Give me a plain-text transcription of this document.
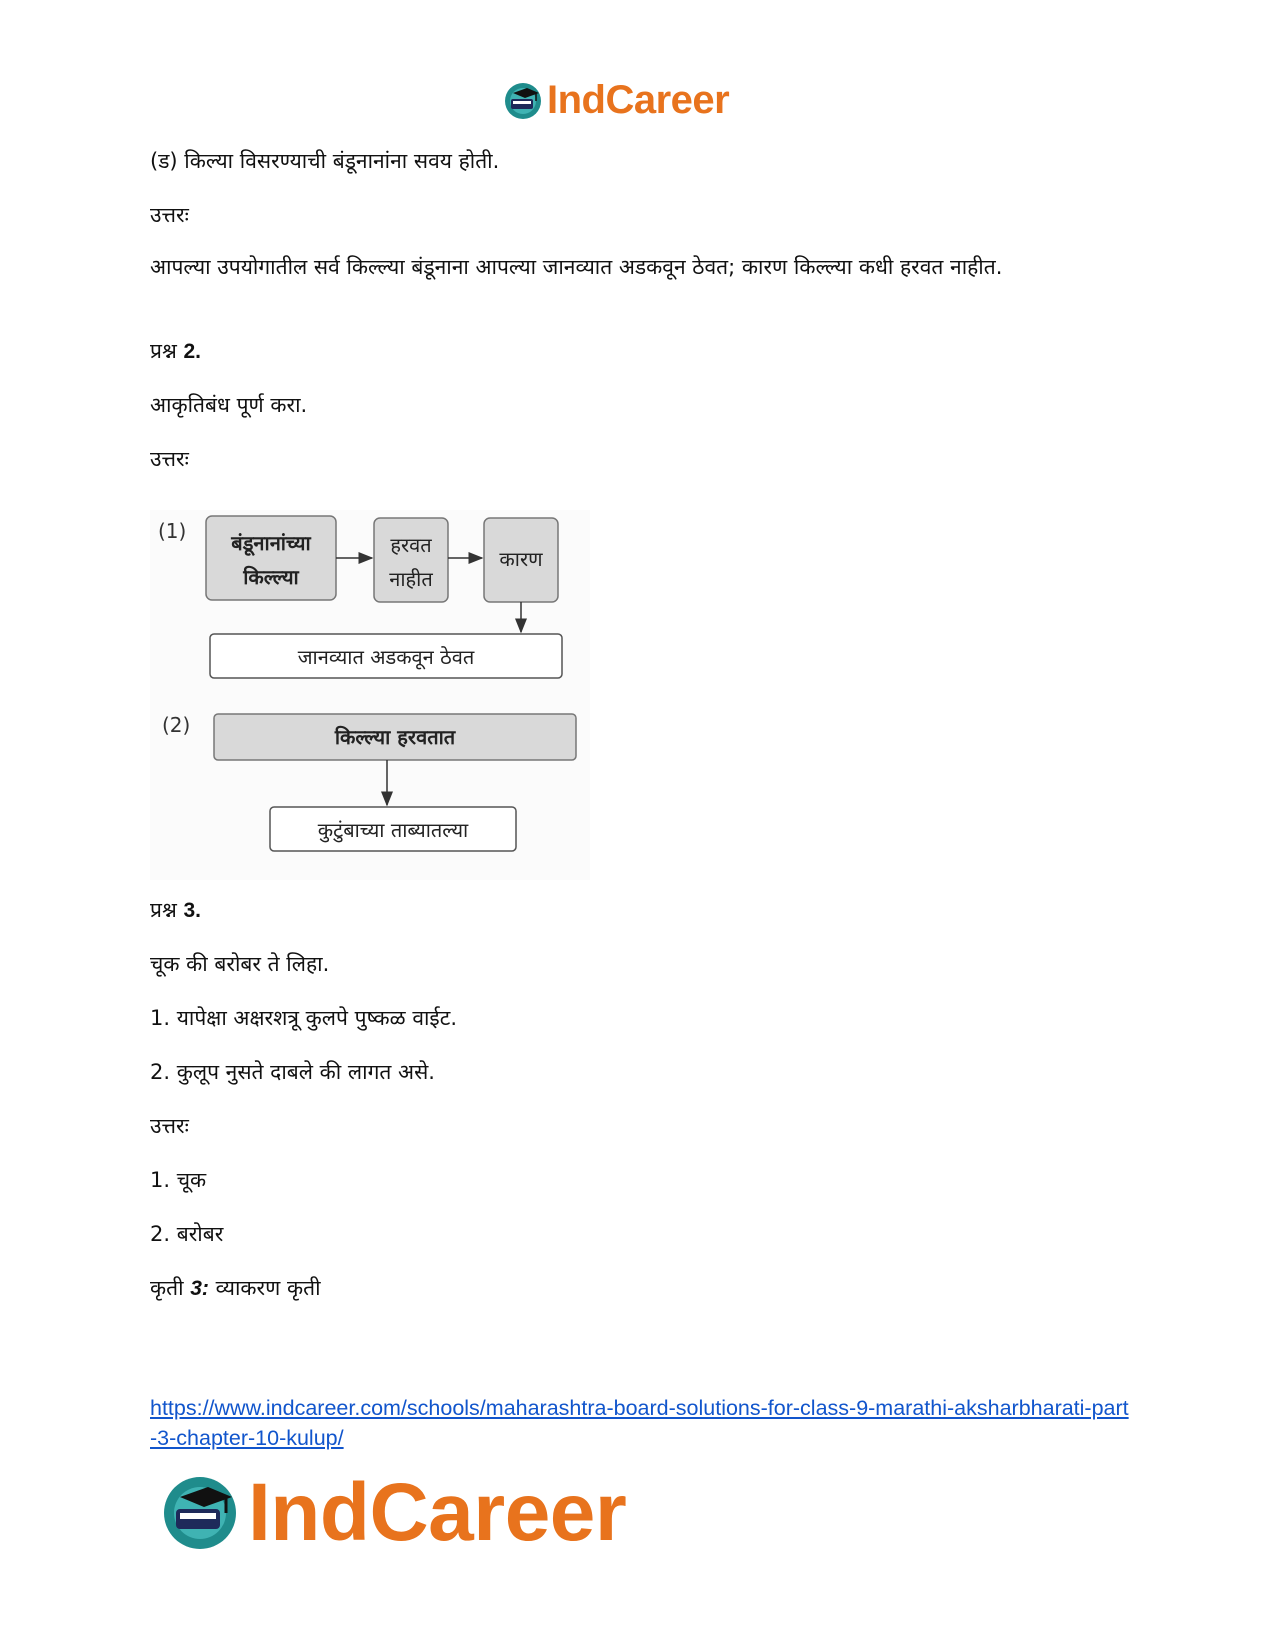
IndCareer
(ड) किल्या विसरण्याची बंडूनानांना सवय होती.
उत्तरः
आपल्या उपयोगातील सर्व किल्ल्या बंडूनाना आपल्या जानव्यात अडकवून ठेवत; कारण किल्ल्या कधी हरवत नाहीत.
प्रश्न 2.
आकृतिबंध पूर्ण करा.
उत्तरः
प्रश्न 3.
चूक की बरोबर ते लिहा.
1. यापेक्षा अक्षरशत्रू कुलपे पुष्कळ वाईट.
2. कुलूप नुसते दाबले की लागत असे.
उत्तरः
1. चूक
2. बरोबर
कृती 3: व्याकरण कृती
(1) बंडूनानांच्या
किल्ल्या
हरवत
नाहीत
कारण
जानव्यात अडकवून ठेवत
(2)	किल्ल्या हरवतात
कुटुंबाच्या ताब्यातल्या
https://www.indcareer.com/schools/maharashtra-board-solutions-for-class-9-marathi-aksharbharati-part-3-chapter-10-kulup/
IndCareer
